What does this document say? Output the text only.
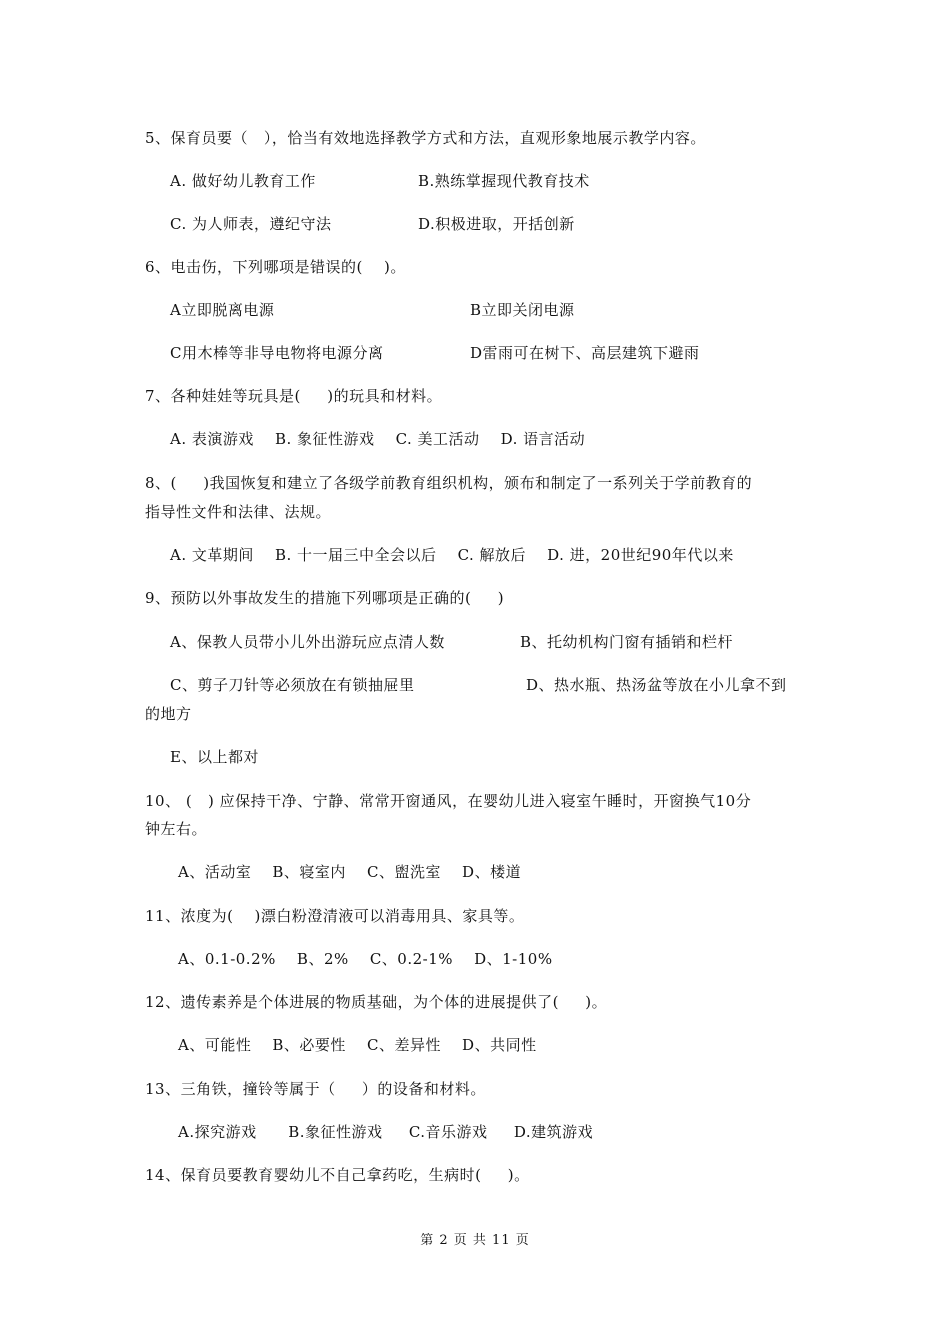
5、保育员要（   ），恰当有效地选择教学方式和方法，直观形象地展示教学内容。
A. 做好幼儿教育工作	B.熟练掌握现代教育技术
C. 为人师表，遵纪守法	D.积极进取，开括创新
6、电击伤，下列哪项是错误的(    )。
A立即脱离电源	B立即关闭电源
C用木棒等非导电物将电源分离	D雷雨可在树下、高层建筑下避雨
7、各种娃娃等玩具是(     )的玩具和材料。
A. 表演游戏    B. 象征性游戏    C. 美工活动    D. 语言活动
8、(     )我国恢复和建立了各级学前教育组织机构，颁布和制定了一系列关于学前教育的
指导性文件和法律、法规。
A. 文革期间    B. 十一届三中全会以后    C. 解放后    D. 进，20世纪90年代以来
9、预防以外事故发生的措施下列哪项是正确的(     )
A、保教人员带小儿外出游玩应点清人数	B、托幼机构门窗有插销和栏杆
C、剪子刀针等必须放在有锁抽屉里	D、热水瓶、热汤盆等放在小儿拿不到
的地方
E、以上都对
10、 (   ) 应保持干净、宁静、常常开窗通风，在婴幼儿进入寝室午睡时，开窗换气10分
钟左右。
A、活动室    B、寝室内    C、盥洗室    D、楼道
11、浓度为(    )漂白粉澄清液可以消毒用具、家具等。
A、0.1-0.2%    B、2%    C、0.2-1%    D、1-10%
12、遗传素养是个体进展的物质基础，为个体的进展提供了(     )。
A、可能性    B、必要性    C、差异性    D、共同性
13、三角铁，撞铃等属于（     ）的设备和材料。
A.探究游戏      B.象征性游戏     C.音乐游戏     D.建筑游戏
14、保育员要教育婴幼儿不自己拿药吃，生病时(     )。
第 2 页 共 11 页
